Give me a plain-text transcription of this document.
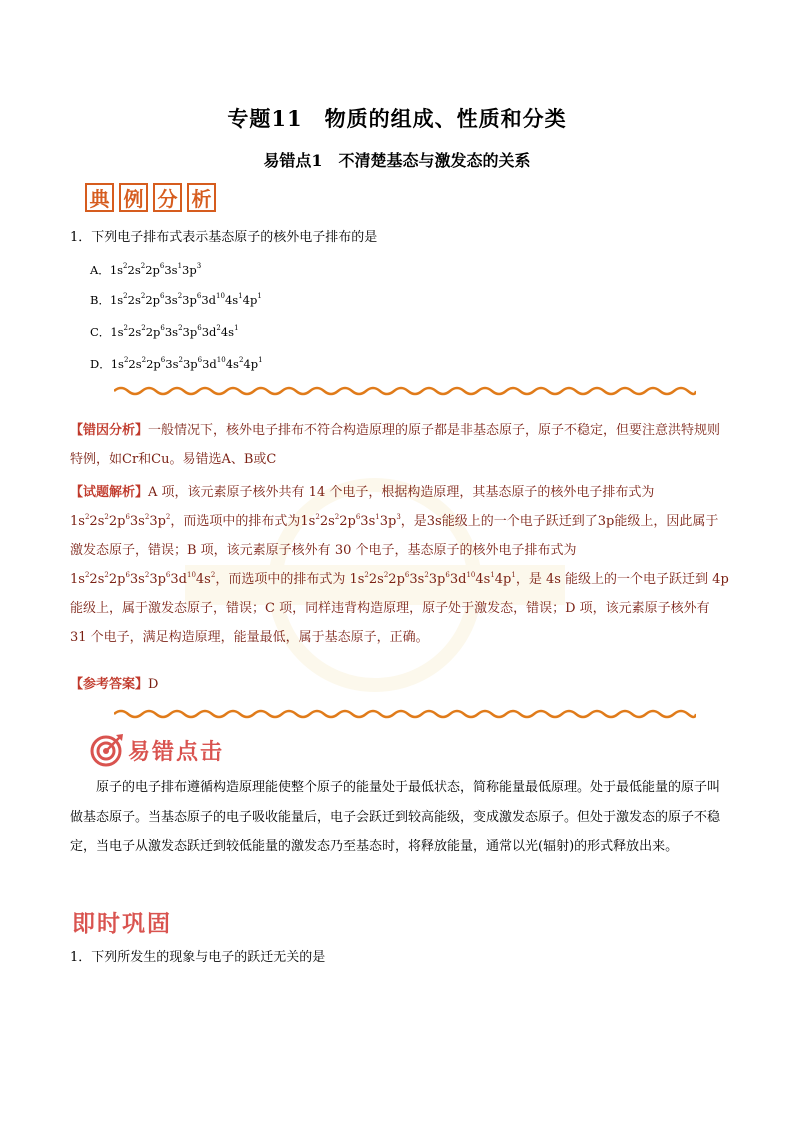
专题11　物质的组成、性质和分类
易错点1　不清楚基态与激发态的关系
典 例 分 析
1．下列电子排布式表示基态原子的核外电子排布的是
A．$1s^22s^22p^63s^13p^3$
B．$1s^22s^22p^63s^23p^63d^{10}4s^14p^1$
C．$1s^22s^22p^63s^23p^63d^24s^1$
D．$1s^22s^22p^63s^23p^63d^{10}4s^24p^1$
【错因分析】一般情况下，核外电子排布不符合构造原理的原子都是非基态原子，原子不稳定，但要注意洪特规则特例，如Cr和Cu。易错选A、B或C
【试题解析】A 项，该元素原子核外共有 14 个电子，根据构造原理，其基态原子的核外电子排布式为$1s^22s^22p^63s^23p^2$，而选项中的排布式为$1s^22s^22p^63s^13p^3$，是3s能级上的一个电子跃迁到了3p能级上，因此属于激发态原子，错误；B 项，该元素原子核外有 30 个电子，基态原子的核外电子排布式为$1s^22s^22p^63s^23p^63d^{10}4s^2$，而选项中的排布式为 $1s^22s^22p^63s^23p^63d^{10}4s^14p^1$，是 4s 能级上的一个电子跃迁到 4p 能级上，属于激发态原子，错误；C 项，同样违背构造原理，原子处于激发态，错误；D 项，该元素原子核外有 31 个电子，满足构造原理，能量最低，属于基态原子，正确。
【参考答案】D
易错点击
原子的电子排布遵循构造原理能使整个原子的能量处于最低状态，简称能量最低原理。处于最低能量的原子叫做基态原子。当基态原子的电子吸收能量后，电子会跃迁到较高能级，变成激发态原子。但处于激发态的原子不稳定，当电子从激发态跃迁到较低能量的激发态乃至基态时，将释放能量，通常以光(辐射)的形式释放出来。
即时巩固
1．下列所发生的现象与电子的跃迁无关的是
